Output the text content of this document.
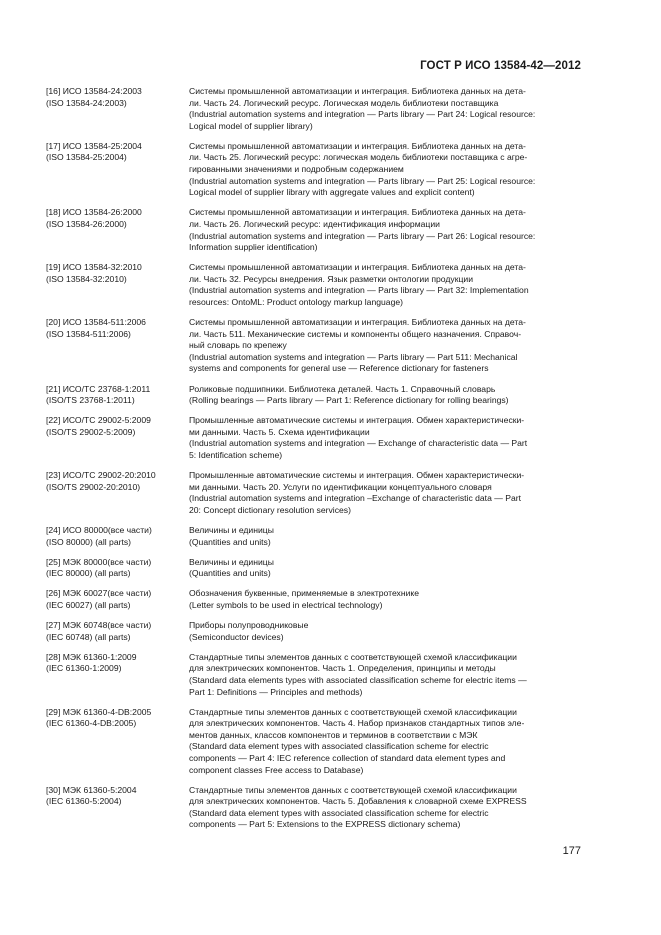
ГОСТ Р ИСО 13584-42—2012
[16] ИСО 13584-24:2003
(ISO 13584-24:2003)
Системы промышленной автоматизации и интеграция. Библиотека данных на дета-
ли. Часть 24. Логический ресурс. Логическая модель библиотеки поставщика
(Industrial automation systems and integration — Parts library — Part 24: Logical resource:
Logical model of supplier library)
[17] ИСО 13584-25:2004
(ISO 13584-25:2004)
Системы промышленной автоматизации и интеграция. Библиотека данных на дета-
ли. Часть 25. Логический ресурс: логическая модель библиотеки поставщика с агре-
гированными значениями и подробным содержанием
(Industrial automation systems and integration — Parts library — Part 25: Logical resource:
Logical model of supplier library with aggregate values and explicit content)
[18] ИСО 13584-26:2000
(ISO 13584-26:2000)
Системы промышленной автоматизации и интеграция. Библиотека данных на дета-
ли. Часть 26. Логический ресурс: идентификация информации
(Industrial automation systems and integration — Parts library — Part 26: Logical resource:
Information supplier identification)
[19] ИСО 13584-32:2010
(ISO 13584-32:2010)
Системы промышленной автоматизации и интеграция. Библиотека данных на дета-
ли. Часть 32. Ресурсы внедрения. Язык разметки онтологии продукции
(Industrial automation systems and integration — Parts library — Part 32: Implementation
resources: OntoML: Product ontology markup language)
[20] ИСО 13584-511:2006
(ISO 13584-511:2006)
Системы промышленной автоматизации и интеграция. Библиотека данных на дета-
ли. Часть 511. Механические системы и компоненты общего назначения. Справоч-
ный словарь по крепежу
(Industrial automation systems and integration — Parts library — Part 511: Mechanical
systems and components for general use — Reference dictionary for fasteners
[21] ИСО/ТС 23768-1:2011
(ISO/TS 23768-1:2011)
Роликовые подшипники. Библиотека деталей. Часть 1. Справочный словарь
(Rolling bearings — Parts library — Part 1: Reference dictionary for rolling bearings)
[22] ИСО/ТС 29002-5:2009
(ISO/TS 29002-5:2009)
Промышленные автоматические системы и интеграция. Обмен характеристически-
ми данными. Часть 5. Схема идентификации
(Industrial automation systems and integration — Exchange of characteristic data — Part
5: Identification scheme)
[23] ИСО/ТС 29002-20:2010
(ISO/TS 29002-20:2010)
Промышленные автоматические системы и интеграция. Обмен характеристически-
ми данными. Часть 20. Услуги по идентификации концептуального словаря
(Industrial automation systems and integration –Exchange of characteristic data — Part
20: Concept dictionary resolution services)
[24] ИСО 80000(все части)
(ISO 80000) (all parts)
Величины и единицы
(Quantities and units)
[25] МЭК 80000(все части)
(IEC 80000) (all parts)
Величины и единицы
(Quantities and units)
[26] МЭК 60027(все части)
(IEC 60027) (all parts)
Обозначения буквенные, применяемые в электротехнике
(Letter symbols to be used in electrical technology)
[27] МЭК 60748(все части)
(IEC 60748) (all parts)
Приборы полупроводниковые
(Semiconductor devices)
[28] МЭК 61360-1:2009
(IEC 61360-1:2009)
Стандартные типы элементов данных с соответствующей схемой классификации
для электрических компонентов. Часть 1. Определения, принципы и методы
(Standard data elements types with associated classification scheme for electric items —
Part 1: Definitions — Principles and methods)
[29] МЭК 61360-4-DB:2005
(IEC 61360-4-DB:2005)
Стандартные типы элементов данных с соответствующей схемой классификации
для электрических компонентов. Часть 4. Набор признаков стандартных типов эле-
ментов данных, классов компонентов и терминов в соответствии с МЭК
(Standard data element types with associated classification scheme for electric
components — Part 4: IEC reference collection of standard data element types and
component classes Free access to Database)
[30] МЭК 61360-5:2004
(IEC 61360-5:2004)
Стандартные типы элементов данных с соответствующей схемой классификации
для электрических компонентов. Часть 5. Добавления к словарной схеме EXPRESS
(Standard data element types with associated classification scheme for electric
components — Part 5: Extensions to the EXPRESS dictionary schema)
177
